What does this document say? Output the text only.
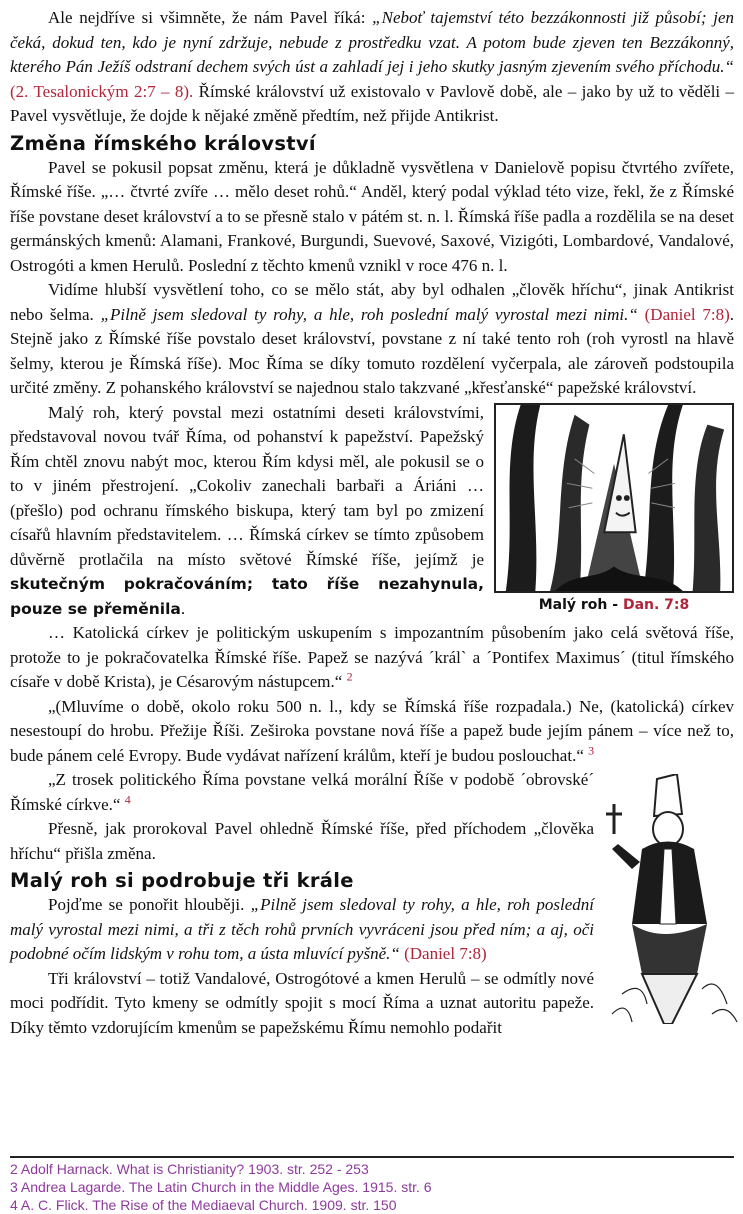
Ale nejdříve si všimněte, že nám Pavel říká: „Neboť tajemství této bezzákonnosti již působí; jen čeká, dokud ten, kdo je nyní zdržuje, nebude z prostředku vzat. A potom bude zjeven ten Bezzákonný, kterého Pán Ježíš odstraní dechem svých úst a zahladí jej i jeho skutky jasným zjevením svého příchodu.“ (2. Tesalonickým 2:7 – 8). Římské království už existovalo v Pavlově době, ale – jako by už to věděli – Pavel vysvětluje, že dojde k nějaké změně předtím, než přijde Antikrist.

Změna římského království

Pavel se pokusil popsat změnu, která je důkladně vysvětlena v Danielově popisu čtvrtého zvířete, Římské říše. „… čtvrté zvíře … mělo deset rohů.“ Anděl, který podal výklad této vize, řekl, že z Římské říše povstane deset království a to se přesně stalo v pátém st. n. l. Římská říše padla a rozdělila se na deset germánských kmenů: Alamani, Frankové, Burgundi, Suevové, Saxové, Vizigóti, Lombardové, Vandalové, Ostrogóti a kmen Herulů. Poslední z těchto kmenů vznikl v roce 476 n. l.

Vidíme hlubší vysvětlení toho, co se mělo stát, aby byl odhalen „člověk hříchu“, jinak Antikrist nebo šelma. „Pilně jsem sledoval ty rohy, a hle, roh poslední malý vyrostal mezi nimi.“ (Daniel 7:8). Stejně jako z Římské říše povstalo deset království, povstane z ní také tento roh (roh vyrostl na hlavě šelmy, kterou je Římská říše). Moc Říma se díky tomuto rozdělení vyčerpala, ale zároveň podstoupila určité změny. Z pohanského království se najednou stalo takzvané „křesťanské“ papežské království.

Malý roh - Dan. 7:8

Malý roh, který povstal mezi ostatními deseti královstvími, představoval novou tvář Říma, od pohanství k papežství. Papežský Řím chtěl znovu nabýt moc, kterou Řím kdysi měl, ale pokusil se o to v jiném přestrojení. „Cokoliv zanechali barbaři a Áriáni … (přešlo) pod ochranu římského biskupa, který tam byl po zmizení císařů hlavním představitelem. … Římská církev se tímto způsobem důvěrně protlačila na místo světové Římské říše, jejímž je skutečným pokračováním; tato říše nezahynula, pouze se přeměnila.

… Katolická církev je politickým uskupením s impozantním působením jako celá světová říše, protože to je pokračovatelka Římské říše. Papež se nazývá ´král` a ´Pontifex Maximus´ (titul římského císaře v době Krista), je Césarovým nástupcem.“ $^2$

„(Mluvíme o době, okolo roku 500 n. l., kdy se Římská říše rozpadala.) Ne, (katolická) církev nesestoupí do hrobu. Přežije Říši. Zeširoka povstane nová říše a papež bude jejím pánem – více než to, bude pánem celé Evropy. Bude vydávat nařízení králům, kteří je budou poslouchat.“ $^3$

„Z trosek politického Říma povstane velká morální Říše v podobě ´obrovské´ Římské církve.“ $^4$

Přesně, jak prorokoval Pavel ohledně Římské říše, před příchodem „člověka hříchu“ přišla změna.

Malý roh si podrobuje tři krále

Pojďme se ponořit hlouběji. „Pilně jsem sledoval ty rohy, a hle, roh poslední malý vyrostal mezi nimi, a tři z těch rohů prvních vyvráceni jsou před ním; a aj, oči podobné očím lidským v rohu tom, a ústa mluvící pyšně.“ (Daniel 7:8)

Tři království – totiž Vandalové, Ostrogótové a kmen Herulů – se odmítly nové moci podřídit. Tyto kmeny se odmítly spojit s mocí Říma a uznat autoritu papeže. Díky těmto vzdorujícím kmenům se papežskému Římu nemohlo podařit

2 Adolf Harnack. What is Christianity? 1903. str. 252 - 253
3 Andrea Lagarde. The Latin Church in the Middle Ages. 1915. str. 6
4 A. C. Flick. The Rise of the Mediaeval Church. 1909. str. 150
